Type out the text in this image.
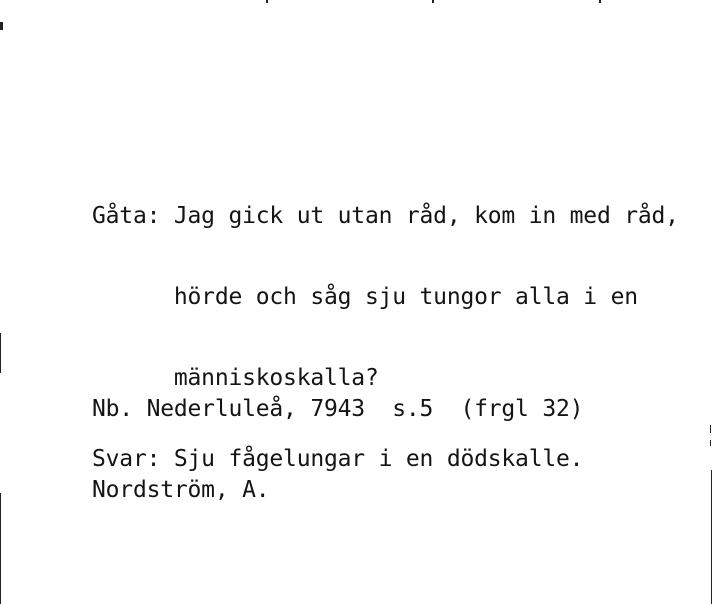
Gåta: Jag gick ut utan råd, kom in med råd,

hörde och såg sju tungor alla i en

människoskalla?

Svar: Sju fågelungar i en dödskalle.

Nb. Nederluleå, 7943  s.5  (frgl 32)

Nordström, A.
